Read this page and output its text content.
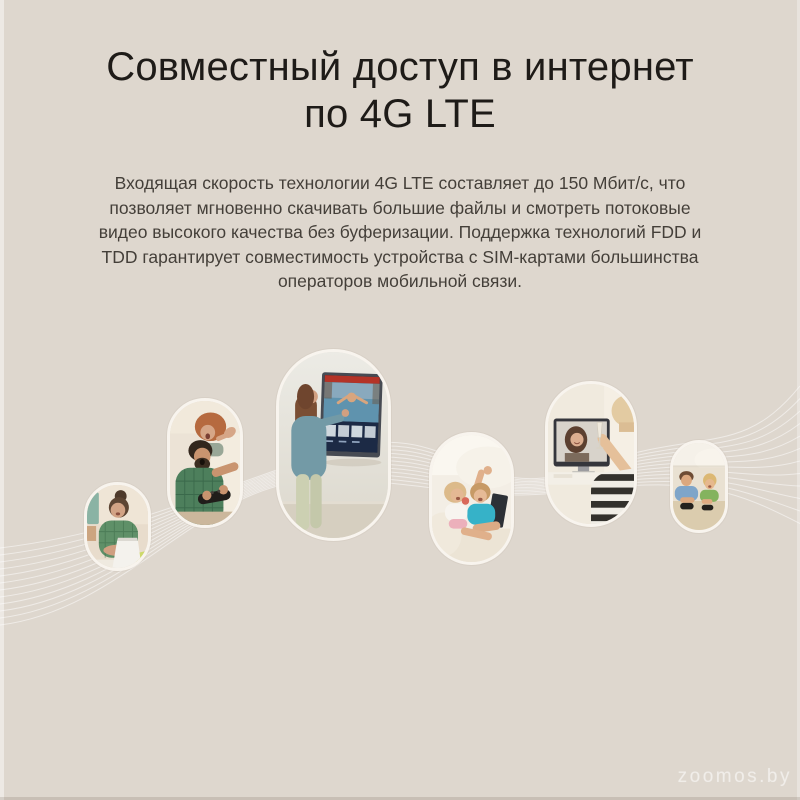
Совместный доступ в интернет
по 4G LTE
Входящая скорость технологии 4G LTE составляет до 150 Мбит/с, что
позволяет мгновенно скачивать большие файлы и смотреть потоковые
видео высокого качества без буферизации. Поддержка технологий FDD и
TDD гарантирует совместимость устройства с SIM-картами большинства
операторов мобильной связи.
zoomos.by
